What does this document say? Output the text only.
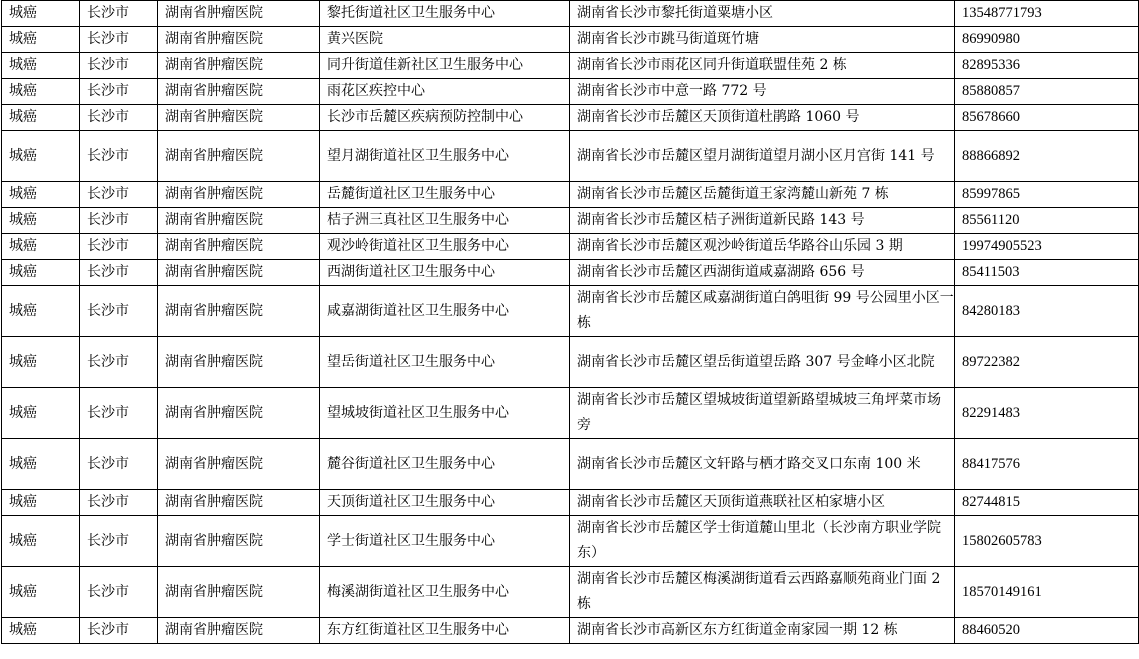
城癌	长沙市	湖南省肿瘤医院	黎托街道社区卫生服务中心	湖南省长沙市黎托街道粟塘小区	13548771793
城癌	长沙市	湖南省肿瘤医院	黄兴医院	湖南省长沙市跳马街道斑竹塘	86990980
城癌	长沙市	湖南省肿瘤医院	同升街道佳新社区卫生服务中心	湖南省长沙市雨花区同升街道联盟佳苑 2 栋	82895336
城癌	长沙市	湖南省肿瘤医院	雨花区疾控中心	湖南省长沙市中意一路 772 号	85880857
城癌	长沙市	湖南省肿瘤医院	长沙市岳麓区疾病预防控制中心	湖南省长沙市岳麓区天顶街道杜鹃路 1060 号	85678660
城癌	长沙市	湖南省肿瘤医院	望月湖街道社区卫生服务中心	湖南省长沙市岳麓区望月湖街道望月湖小区月宫街 141 号	88866892
城癌	长沙市	湖南省肿瘤医院	岳麓街道社区卫生服务中心	湖南省长沙市岳麓区岳麓街道王家湾麓山新苑 7 栋	85997865
城癌	长沙市	湖南省肿瘤医院	桔子洲三真社区卫生服务中心	湖南省长沙市岳麓区桔子洲街道新民路 143 号	85561120
城癌	长沙市	湖南省肿瘤医院	观沙岭街道社区卫生服务中心	湖南省长沙市岳麓区观沙岭街道岳华路谷山乐园 3 期	19974905523
城癌	长沙市	湖南省肿瘤医院	西湖街道社区卫生服务中心	湖南省长沙市岳麓区西湖街道咸嘉湖路 656 号	85411503
城癌	长沙市	湖南省肿瘤医院	咸嘉湖街道社区卫生服务中心	湖南省长沙市岳麓区咸嘉湖街道白鸽咀街 99 号公园里小区一栋	84280183
城癌	长沙市	湖南省肿瘤医院	望岳街道社区卫生服务中心	湖南省长沙市岳麓区望岳街道望岳路 307 号金峰小区北院	89722382
城癌	长沙市	湖南省肿瘤医院	望城坡街道社区卫生服务中心	湖南省长沙市岳麓区望城坡街道望新路望城坡三角坪菜市场旁	82291483
城癌	长沙市	湖南省肿瘤医院	麓谷街道社区卫生服务中心	湖南省长沙市岳麓区文轩路与栖才路交叉口东南 100 米	88417576
城癌	长沙市	湖南省肿瘤医院	天顶街道社区卫生服务中心	湖南省长沙市岳麓区天顶街道燕联社区柏家塘小区	82744815
城癌	长沙市	湖南省肿瘤医院	学士街道社区卫生服务中心	湖南省长沙市岳麓区学士街道麓山里北（长沙南方职业学院东）	15802605783
城癌	长沙市	湖南省肿瘤医院	梅溪湖街道社区卫生服务中心	湖南省长沙市岳麓区梅溪湖街道看云西路嘉顺苑商业门面 2 栋	18570149161
城癌	长沙市	湖南省肿瘤医院	东方红街道社区卫生服务中心	湖南省长沙市高新区东方红街道金南家园一期 12 栋	88460520
